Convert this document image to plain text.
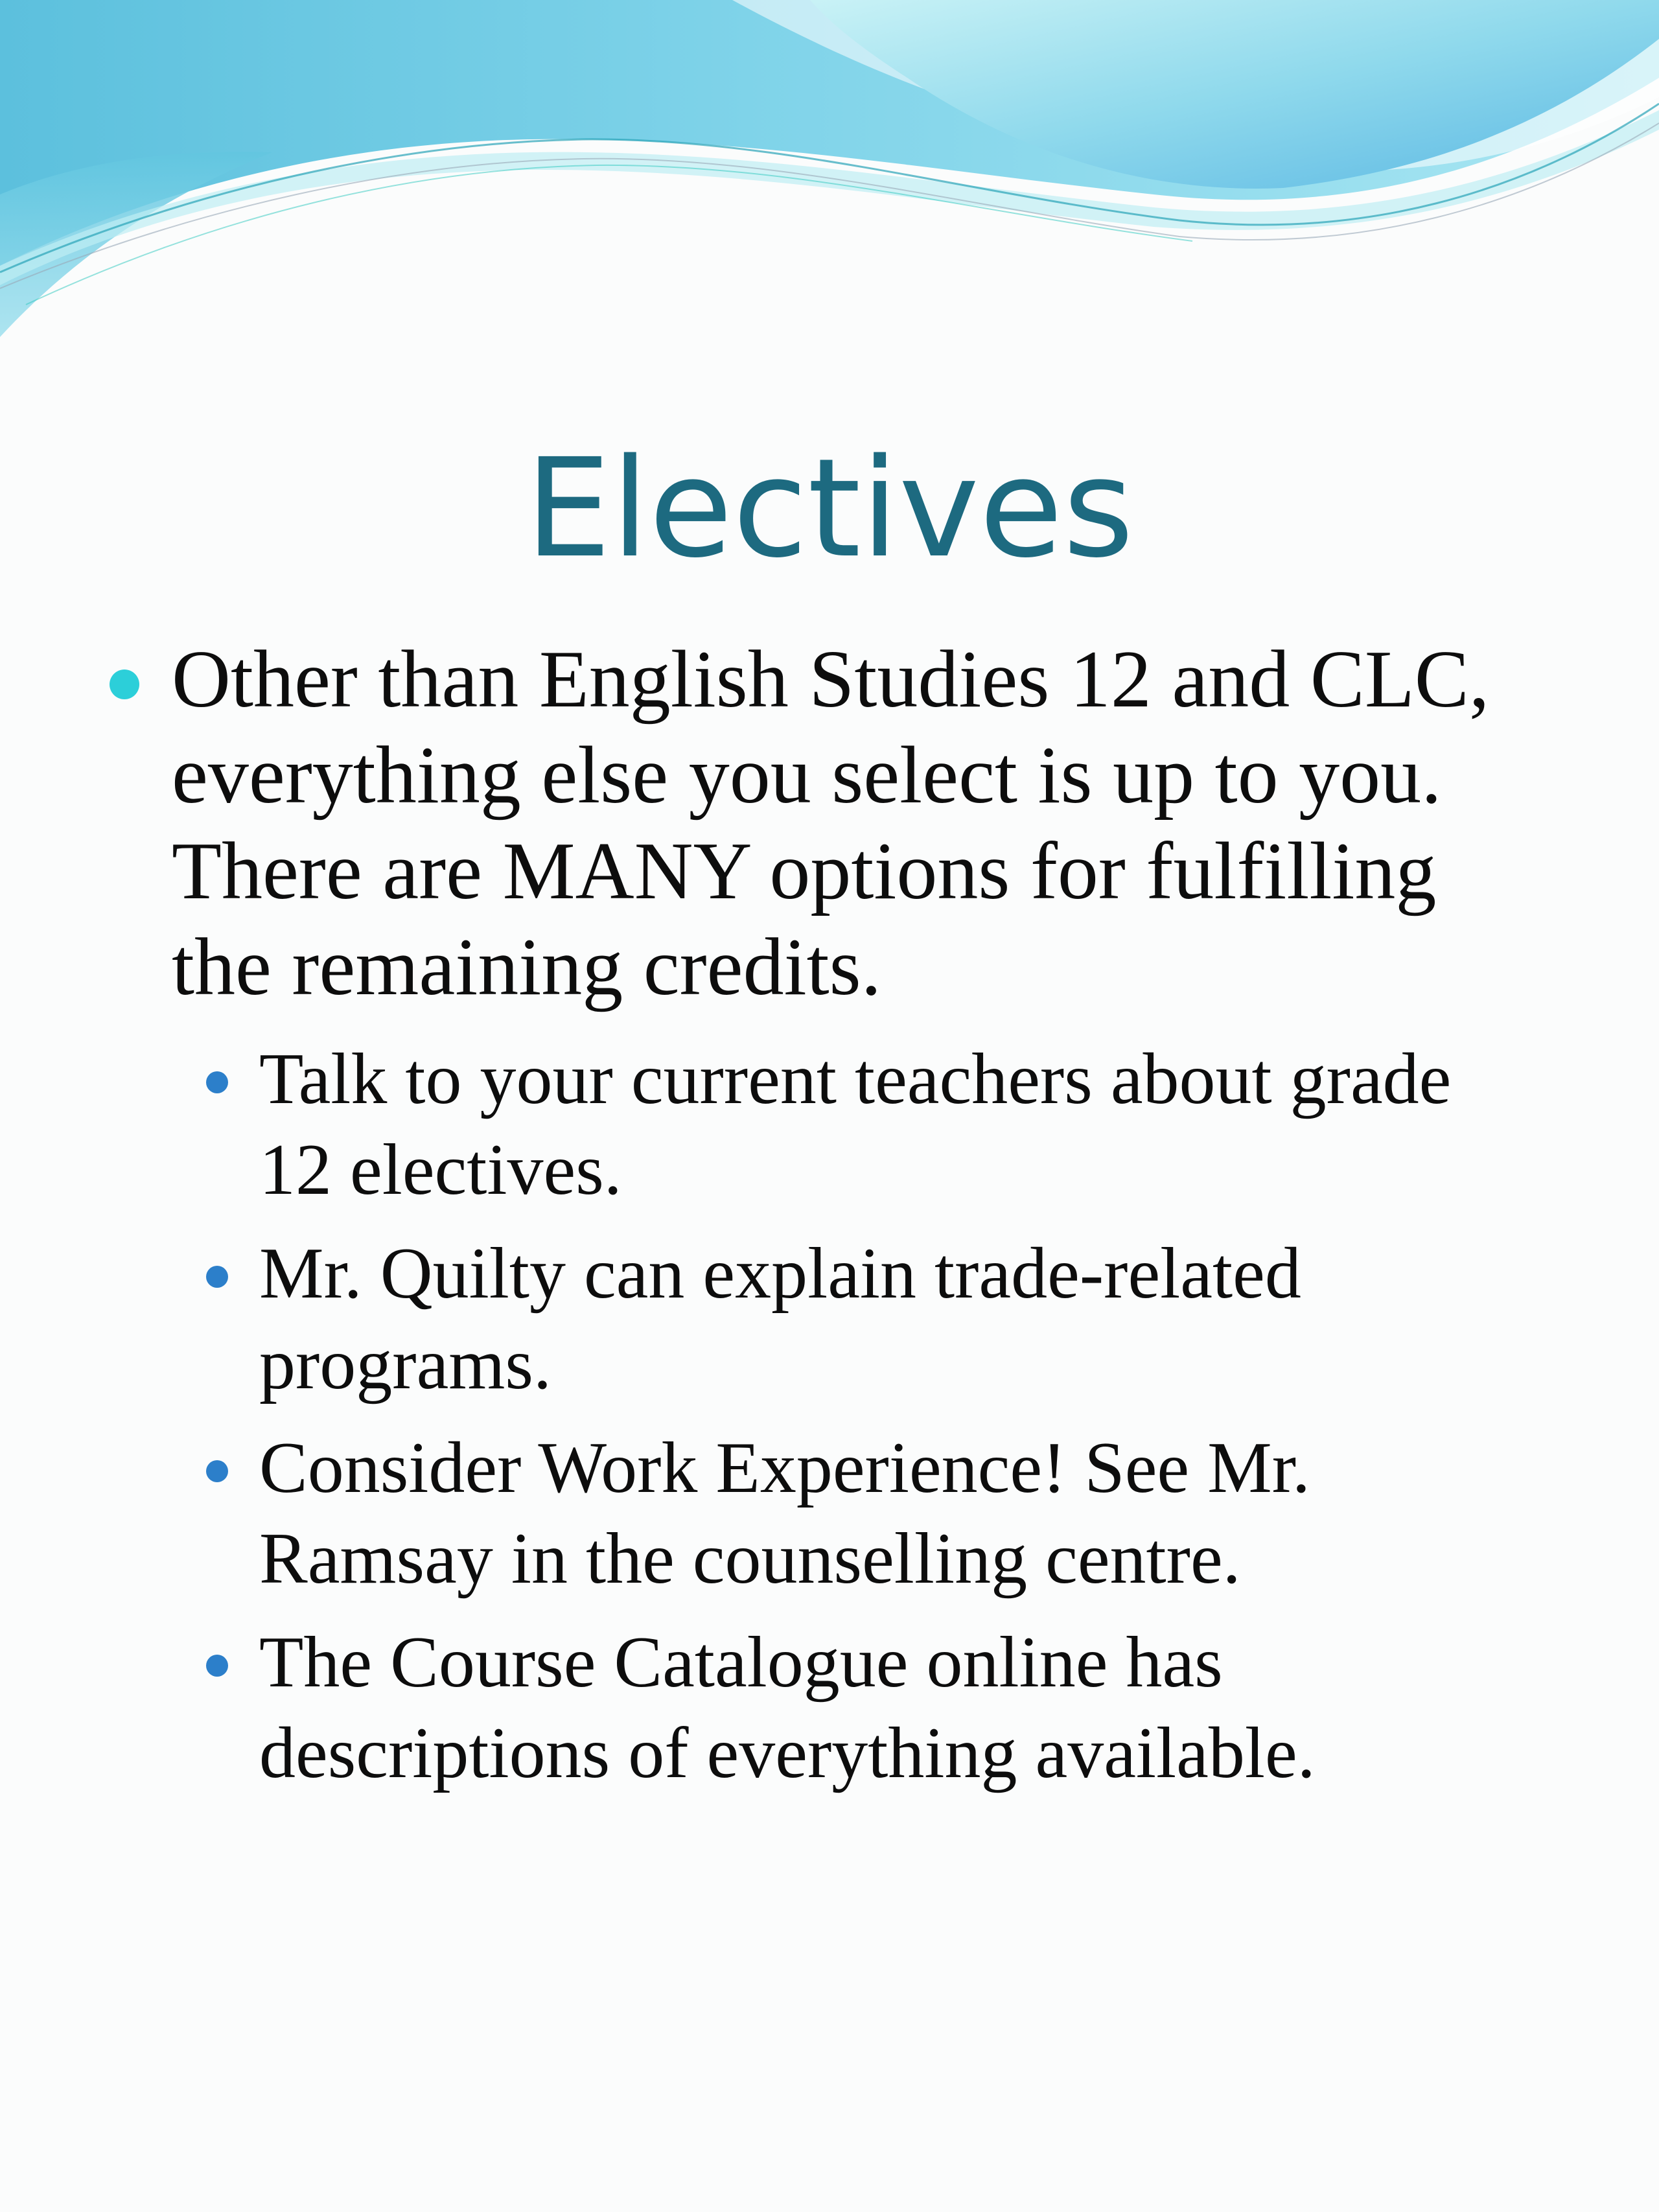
Electives
Other than English Studies 12 and CLC, everything else you select is up to you. There are MANY options for fulfilling the remaining credits.
Talk to your current teachers about grade 12 electives.
Mr. Quilty can explain trade-related programs.
Consider Work Experience! See Mr. Ramsay in the counselling centre.
The Course Catalogue online has descriptions of everything available.
